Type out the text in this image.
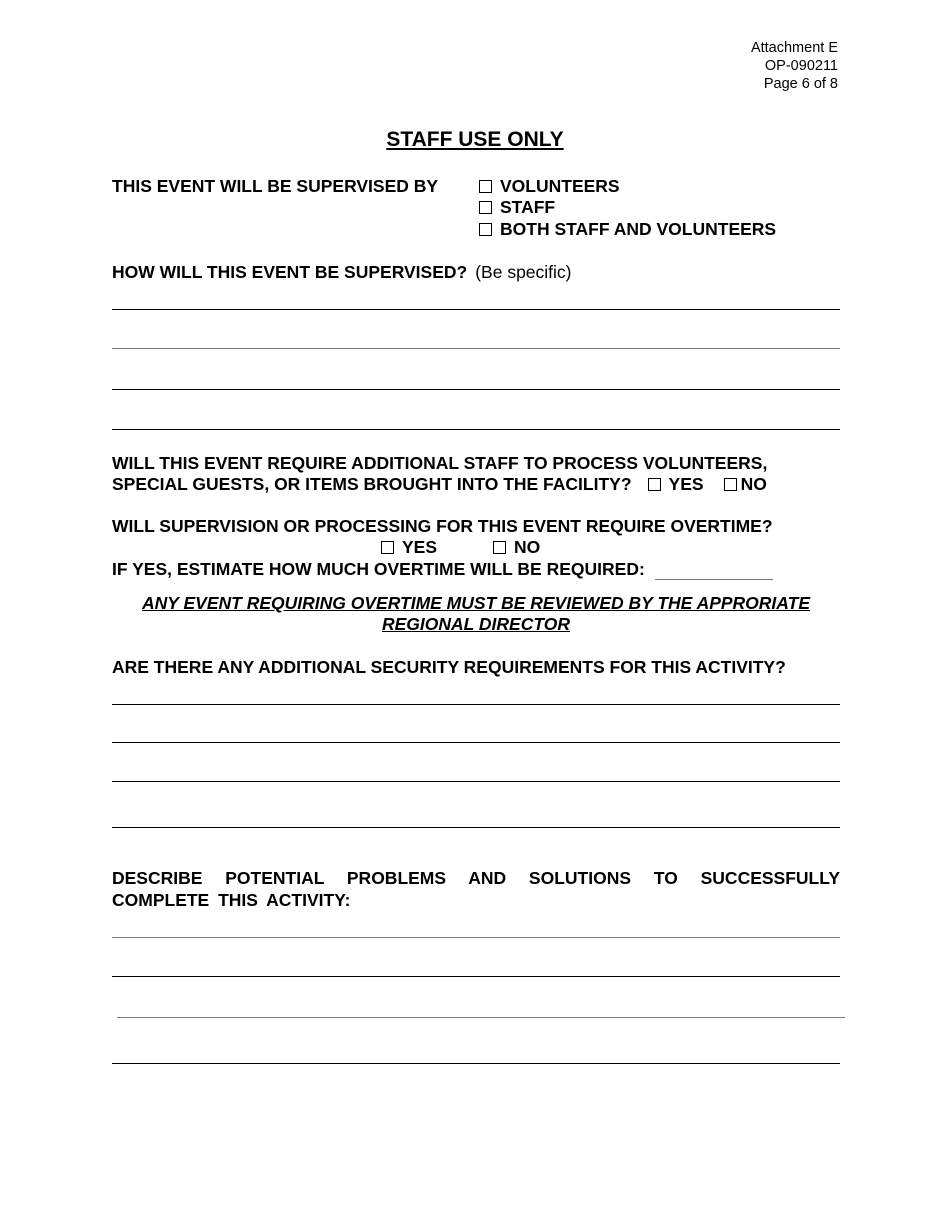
Attachment E
OP-090211
Page 6 of 8
STAFF USE ONLY
THIS EVENT WILL BE SUPERVISED BY	VOLUNTEERS
STAFF
BOTH STAFF AND VOLUNTEERS
HOW WILL THIS EVENT BE SUPERVISED? (Be specific)
WILL THIS EVENT REQUIRE ADDITIONAL STAFF TO PROCESS VOLUNTEERS,
SPECIAL GUESTS, OR ITEMS BROUGHT INTO THE FACILITY? YES NO
WILL SUPERVISION OR PROCESSING FOR THIS EVENT REQUIRE OVERTIME?
YES	NO
IF YES, ESTIMATE HOW MUCH OVERTIME WILL BE REQUIRED:
ANY EVENT REQUIRING OVERTIME MUST BE REVIEWED BY THE APPRORIATE
REGIONAL DIRECTOR
ARE THERE ANY ADDITIONAL SECURITY REQUIREMENTS FOR THIS ACTIVITY?
DESCRIBE POTENTIAL PROBLEMS AND SOLUTIONS TO SUCCESSFULLY COMPLETE THIS ACTIVITY:
